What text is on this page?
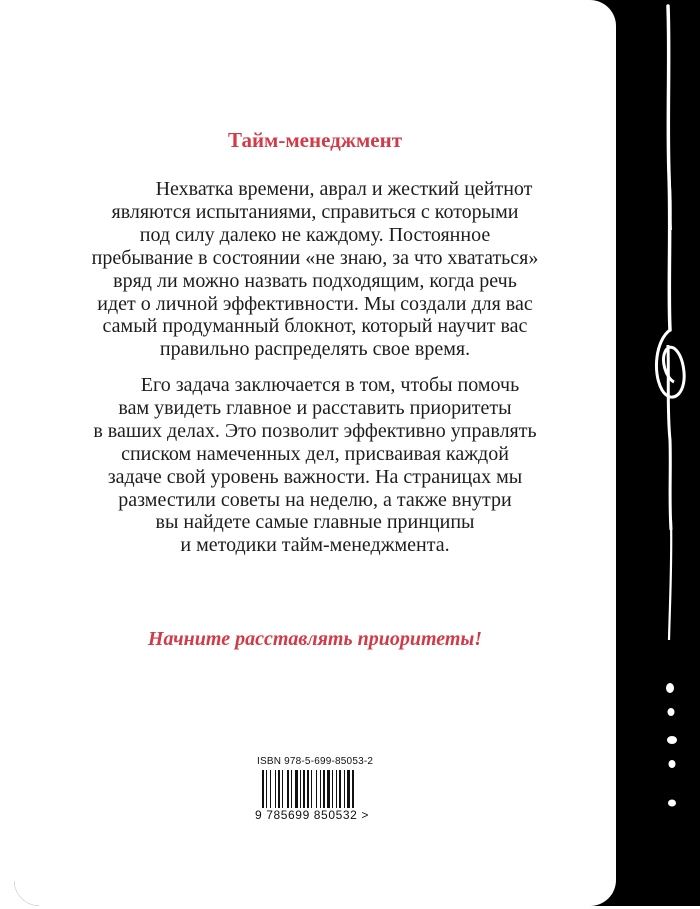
Тайм-менеджмент
Нехватка времени, аврал и жесткий цейтнот
являются испытаниями, справиться с которыми
под силу далеко не каждому. Постоянное
пребывание в состоянии «не знаю, за что хвататься»
вряд ли можно назвать подходящим, когда речь
идет о личной эффективности. Мы создали для вас
самый продуманный блокнот, который научит вас
правильно распределять свое время.
Его задача заключается в том, чтобы помочь
вам увидеть главное и расставить приоритеты
в ваших делах. Это позволит эффективно управлять
списком намеченных дел, присваивая каждой
задаче свой уровень важности. На страницах мы
разместили советы на неделю, а также внутри
вы найдете самые главные принципы
и методики тайм-менеджмента.
Начните расставлять приоритеты!
ISBN 978-5-699-85053-2
9 785699 850532 >
bookclub.by
